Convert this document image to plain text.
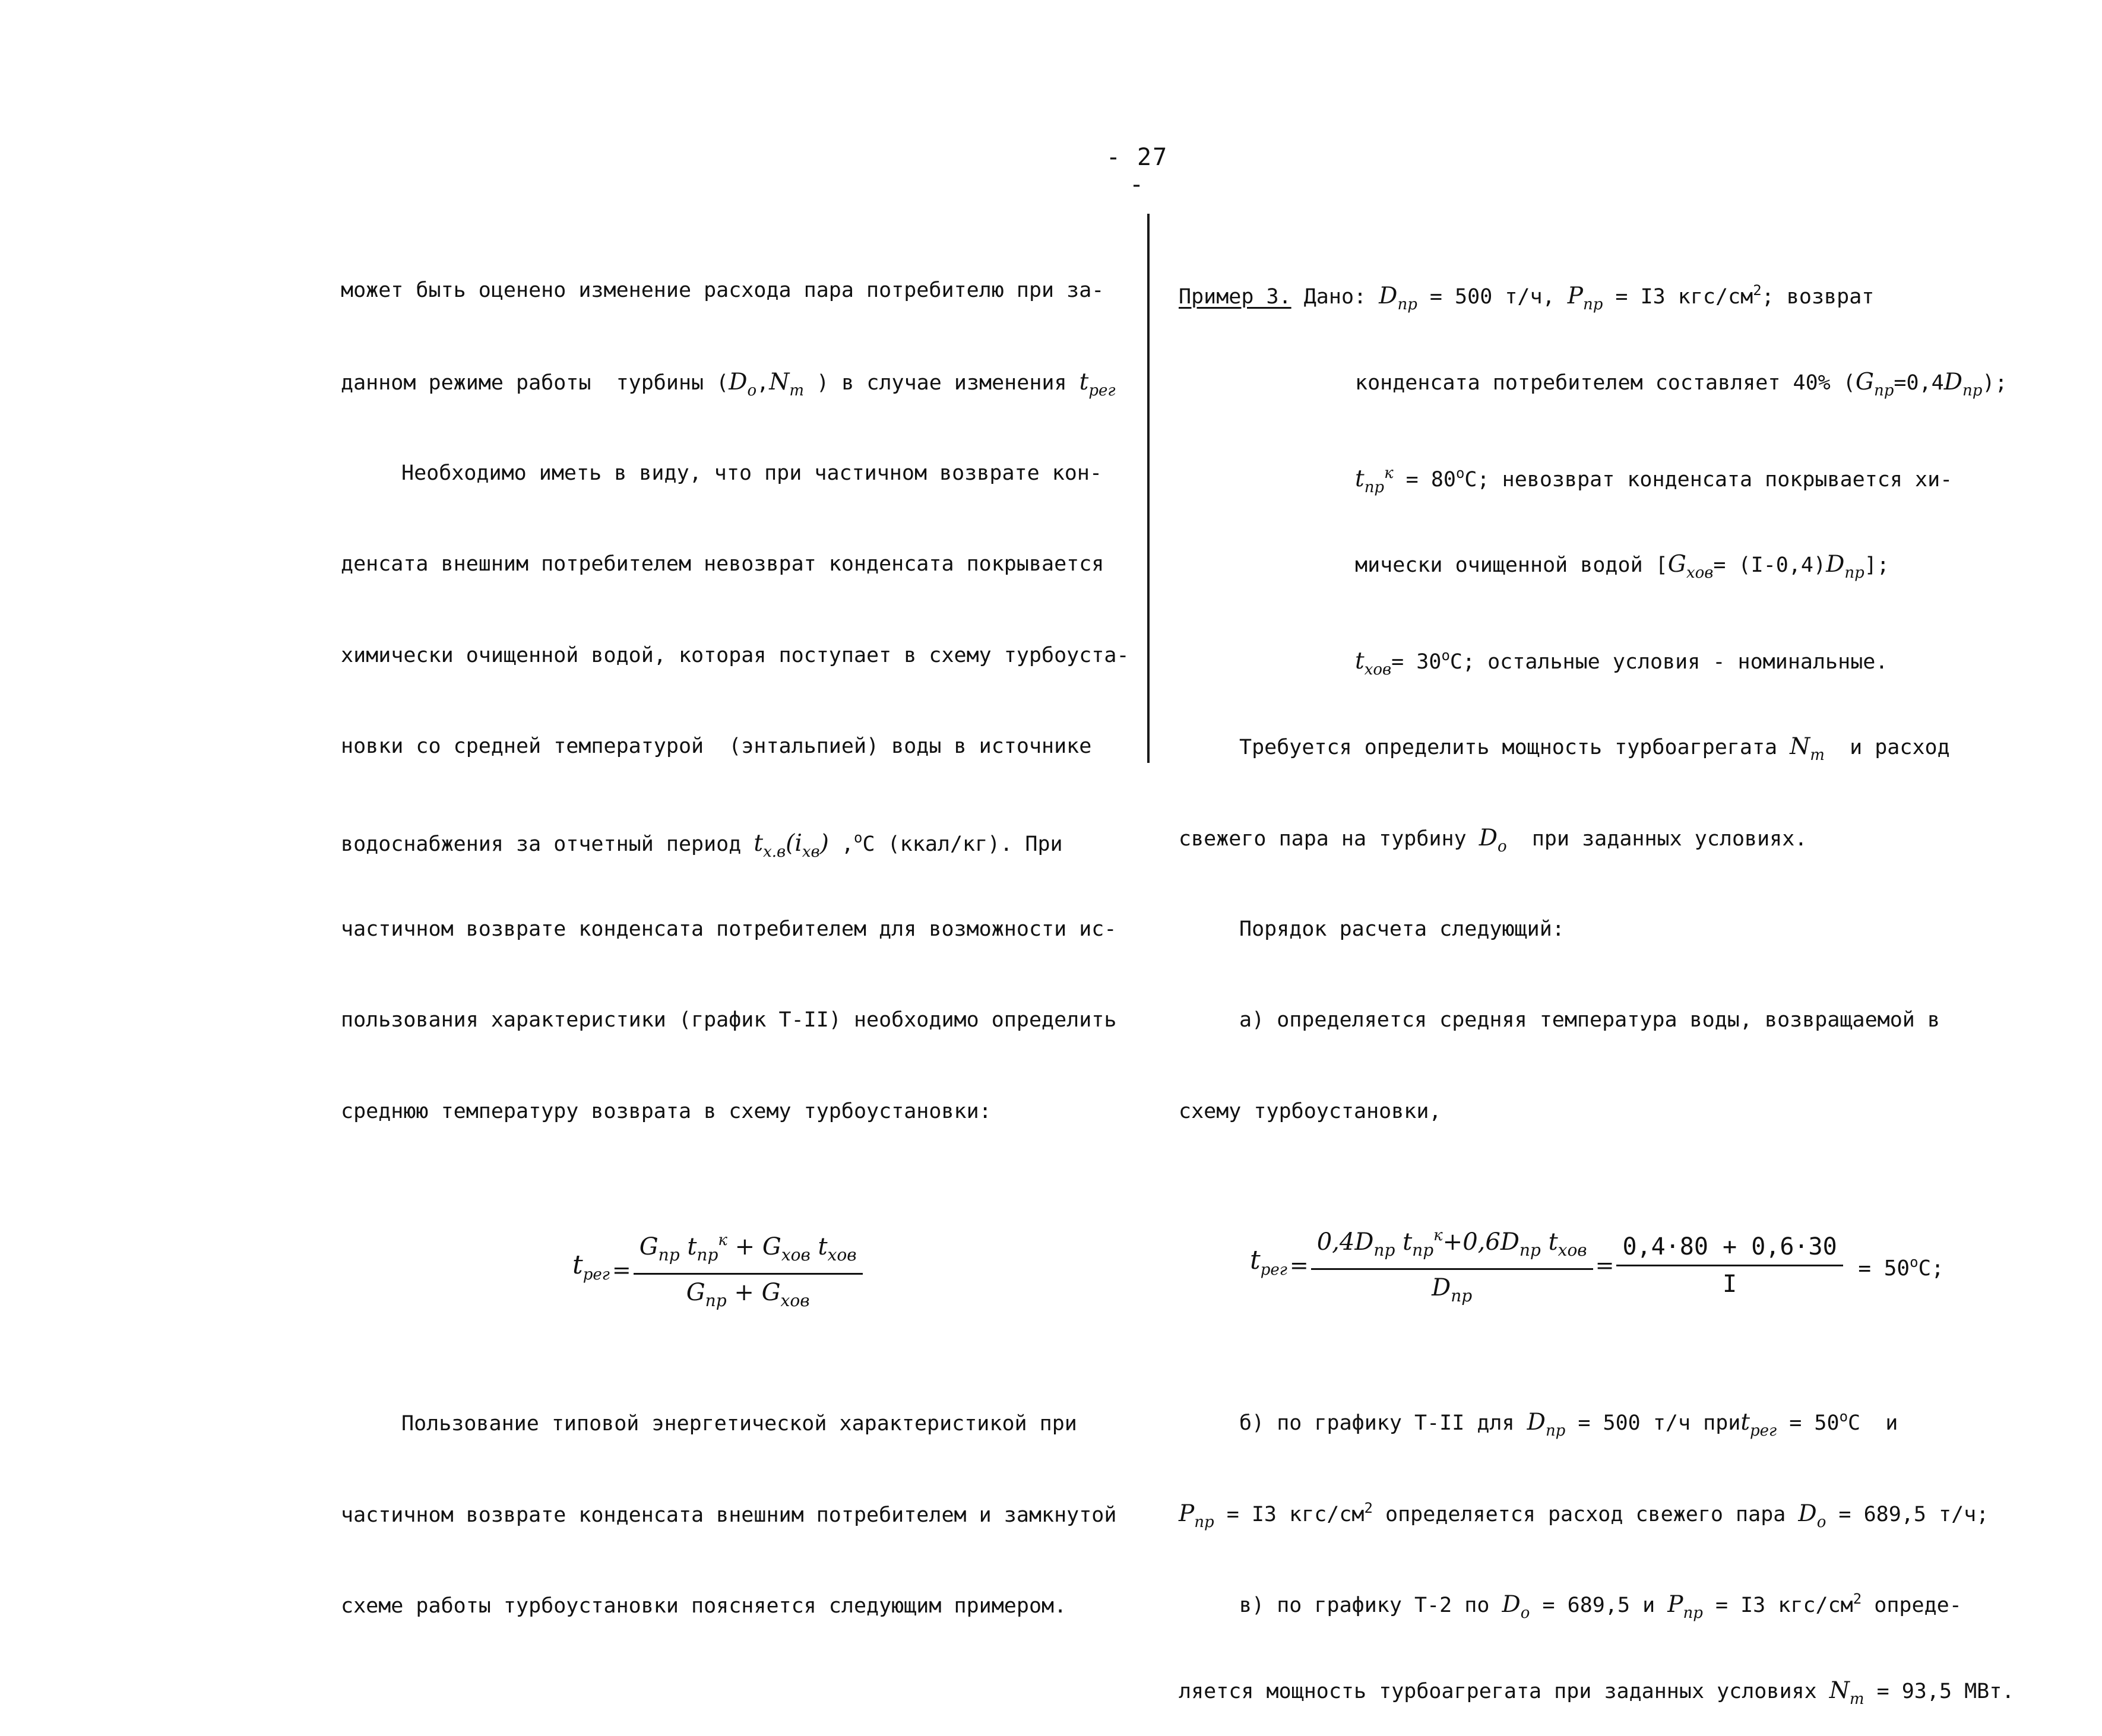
- 27 -

может быть оценено изменение расхода пара потребителю при за-

данном режиме работы  турбины ($D_о,N_т$ ) в случае изменения $t_{рег}$

Необходимо иметь в виду, что при частичном возврате кон-

денсата внешним потребителем невозврат конденсата покрывается

химически очищенной водой, которая поступает в схему турбоуста-

новки со средней температурой  (энтальпией) воды в источнике

водоснабжения за отчетный период $t_{х.в}(i_{хв})$ ,$^о$С (ккал/кг). При

частичном возврате конденсата потребителем для возможности ис-

пользования характеристики (график Т-II) необходимо определить

среднюю температуру возврата в схему турбоустановки:

$t_{рег} = \frac{G_{пр} t_{пр}^к + G_{хов} t_{хов}}{G_{пр} + G_{хов}}$

Пользование типовой энергетической характеристикой при

частичном возврате конденсата внешним потребителем и замкнутой

схеме работы турбоустановки поясняется следующим примером.

Пример 3. Дано: $D_{пр} = 500$ т/ч, $P_{пр} = I3$ кгс/$см^2$; возврат

конденсата потребителем составляет 40% $(G_{пр}=0,4D_{пр})$;

$t_{пр}^к = 80^оС$; невозврат конденсата покрывается хи-

мически очищенной водой $[G_{хов}= (I-0,4)D_{пр}]$;

$t_{хов}= 30^оС$; остальные условия - номинальные.

Требуется определить мощность турбоагрегата $N_т$  и расход

свежего пара на турбину $D_о$  при заданных условиях.

Порядок расчета следующий:

а) определяется средняя температура воды, возвращаемой в

схему турбоустановки,

$t_{рег} = \frac{0,4D_{пр} t_{пр}^к+0,6D_{пр} t_{хов}}{D_{пр}} = \frac{0,4\cdot 80 + 0,6\cdot 30}{I} = 50^оC$;

б) по графику Т-II для $D_{пр} = 500$ т/ч приt$_{рег}$ = $50^оС$  и

$P_{пр} = I3$ кгс/$см^2$ определяется расход свежего пара $D_о = 689,5$ т/ч;

в) по графику Т-2 по $D_о = 689,5$ и $P_{пр} = I3$ кгс/$см^2$ опреде-

ляется мощность турбоагрегата при заданных условиях $N_т = 93,5$ МВт.
